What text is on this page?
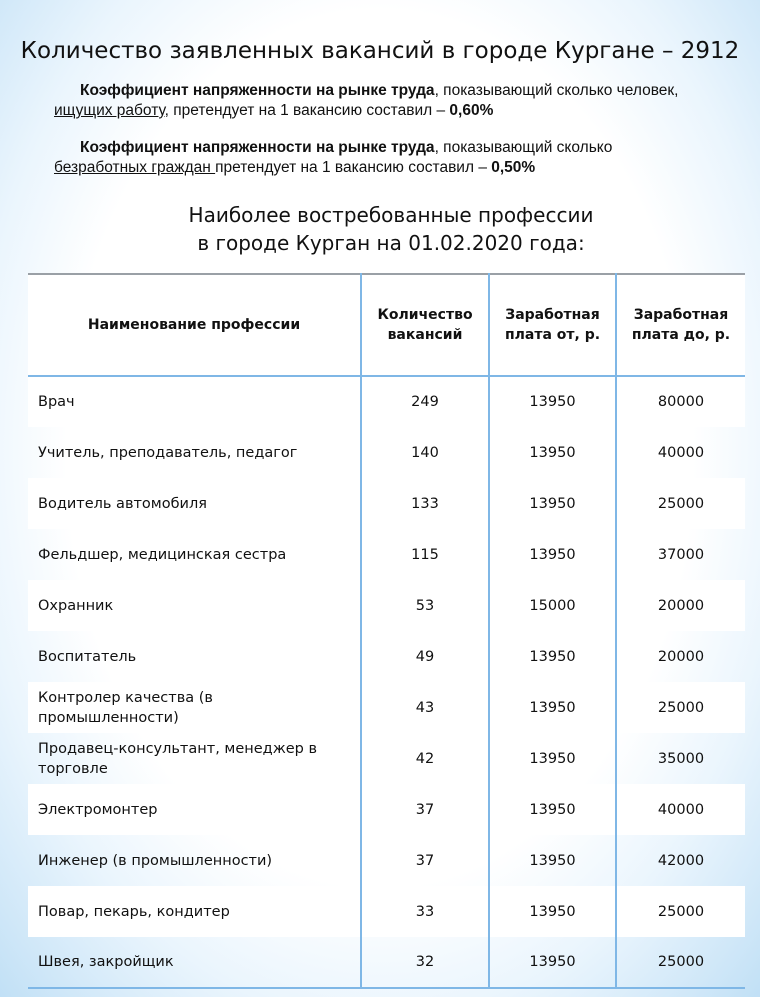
Количество заявленных вакансий в городе Кургане – 2912
Коэффициент напряженности на рынке труда, показывающий сколько человек, ищущих работу, претендует на 1 вакансию составил – 0,60%
Коэффициент напряженности на рынке труда, показывающий сколько безработных граждан претендует на 1 вакансию составил – 0,50%
Наиболее востребованные профессии
в городе Курган на 01.02.2020 года:
Наименование профессии	Количество вакансий	Заработная плата от, р.	Заработная плата до, р.
Врач	249	13950	80000
Учитель, преподаватель, педагог	140	13950	40000
Водитель автомобиля	133	13950	25000
Фельдшер, медицинская сестра	115	13950	37000
Охранник	53	15000	20000
Воспитатель	49	13950	20000
Контролер качества (в промышленности)	43	13950	25000
Продавец-консультант, менеджер в торговле	42	13950	35000
Электромонтер	37	13950	40000
Инженер (в промышленности)	37	13950	42000
Повар, пекарь, кондитер	33	13950	25000
Швея, закройщик	32	13950	25000
